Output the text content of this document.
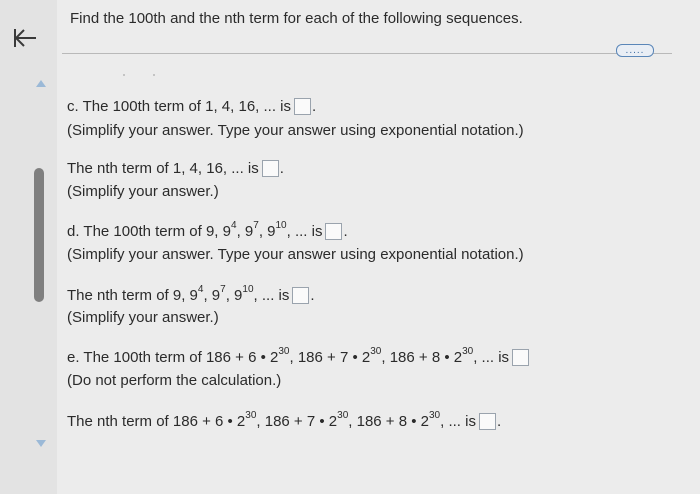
Find the 100th and the nth term for each of the following sequences.
.....
c. The 100th term of 1, 4, 16, ... is .
(Simplify your answer. Type your answer using exponential notation.)
The nth term of 1, 4, 16, ... is .
(Simplify your answer.)
d. The 100th term of 9, $9^4$, $9^7$, $9^{10}$, ... is .
(Simplify your answer. Type your answer using exponential notation.)
The nth term of 9, $9^4$, $9^7$, $9^{10}$, ... is .
(Simplify your answer.)
e. The 100th term of 186 + 6 • $2^{30}$, 186 + 7 • $2^{30}$, 186 + 8 • $2^{30}$, ... is
(Do not perform the calculation.)
The nth term of 186 + 6 • $2^{30}$, 186 + 7 • $2^{30}$, 186 + 8 • $2^{30}$, ... is .
